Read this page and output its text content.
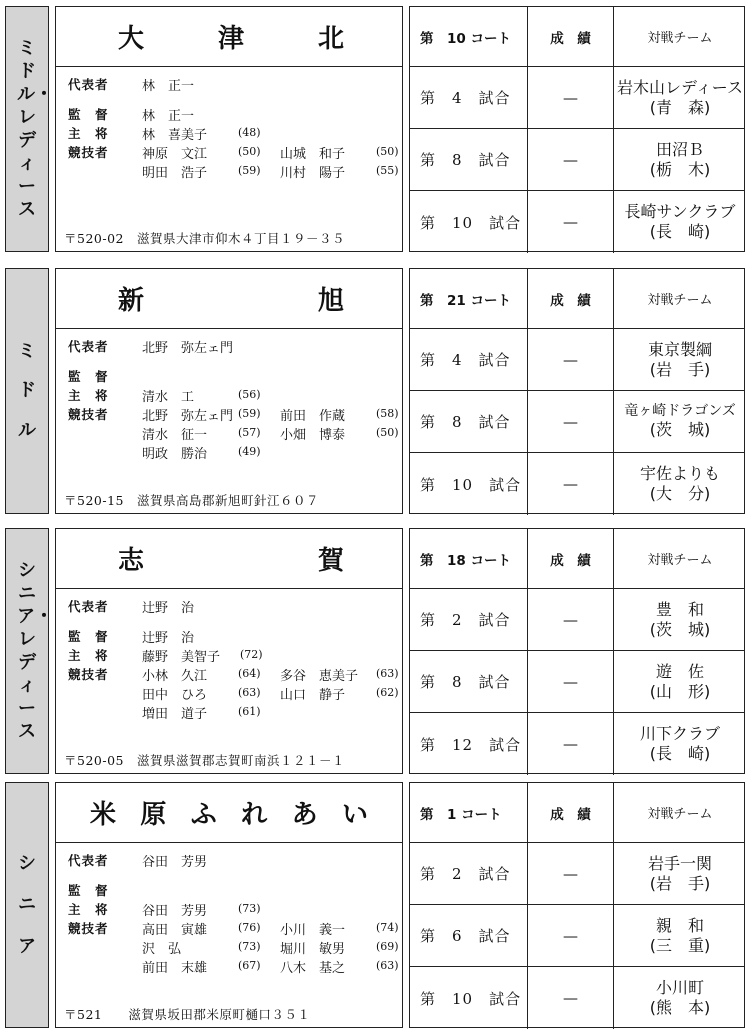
ミドル・レディース
大	津	北
代表者	林　正一
監　督	林　正一
主　将	林　喜美子	(48)
競技者	神原　文江	(50) 山城　和子	(50)
明田　浩子	(59) 川村　陽子	(55)
〒520-02　滋賀県大津市仰木４丁目１９－３５
第　10 コート	成　績	対戦チーム
第　4　試合	—
岩木山レディース
(青　森)
第　8　試合	—
田沼Ｂ
(栃　木)
第　10　試合	—
長崎サンクラブ
(長　崎)
ミドル
新	旭
代表者	北野　弥左ェ門
監　督
主　将	清水　工	(56)
競技者	北野　弥左ェ門 (59) 前田　作蔵	(58)
清水　征一	(57) 小畑　博泰	(50)
明政　勝治	(49)
〒520-15　滋賀県高島郡新旭町針江６０７
第　21 コート	成　績	対戦チーム
第　4　試合	—
東京製綱
(岩　手)
第　8　試合	—
竜ヶ崎ドラゴンズ
(茨　城)
第　10　試合	—
宇佐よりも
(大　分)
シニア・レディース
志	賀
代表者	辻野　治
監　督	辻野　治
主　将	藤野　美智子 (72)
競技者	小林　久江	(64) 多谷　恵美子 (63)
田中　ひろ	(63) 山口　静子	(62)
増田　道子	(61)
〒520-05　滋賀県滋賀郡志賀町南浜１２１－１
第　18 コート	成　績	対戦チーム
第　2　試合	—
豊　和
(茨　城)
第　8　試合	—
遊　佐
(山　形)
第　12　試合	—
川下クラブ
(長　崎)
シニア
米 原 ふ れ あ い
代表者	谷田　芳男
監　督
主　将	谷田　芳男	(73)
競技者	高田　寅雄	(76) 小川　義一	(74)
沢　弘	(73) 堀川　敏男	(69)
前田　末雄	(67) 八木　基之	(63)
〒521　　滋賀県坂田郡米原町樋口３５１
第　1 コート	成　績	対戦チーム
第　2　試合	—
岩手一関
(岩　手)
第　6　試合	—
親　和
(三　重)
第　10　試合	—
小川町
(熊　本)
